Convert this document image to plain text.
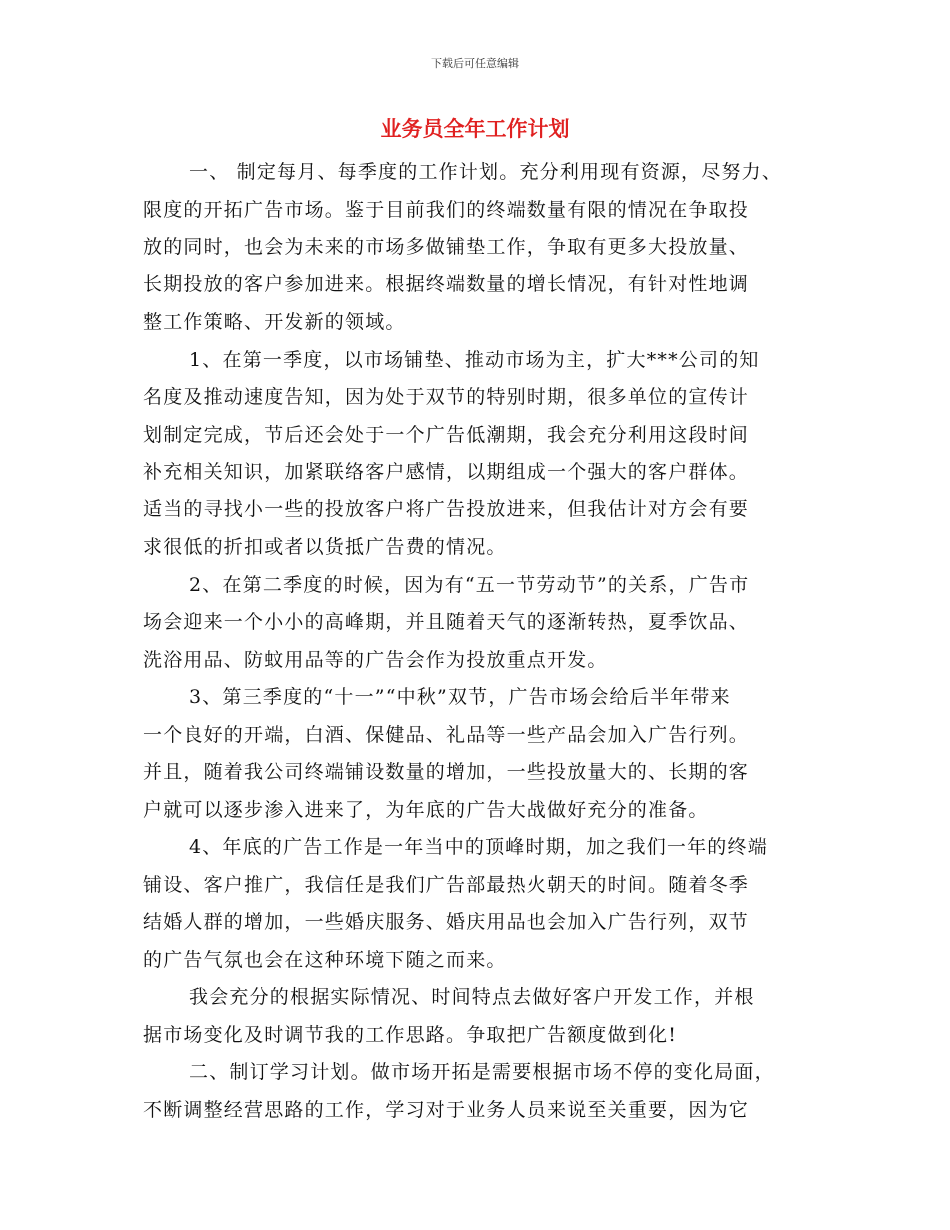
下载后可任意编辑
业务员全年工作计划
一、 制定每月、每季度的工作计划。充分利用现有资源，尽努力、
限度的开拓广告市场。鉴于目前我们的终端数量有限的情况在争取投
放的同时，也会为未来的市场多做铺垫工作，争取有更多大投放量、
长期投放的客户参加进来。根据终端数量的增长情况，有针对性地调
整工作策略、开发新的领域。
1、在第一季度，以市场铺垫、推动市场为主，扩大***公司的知
名度及推动速度告知，因为处于双节的特别时期，很多单位的宣传计
划制定完成，节后还会处于一个广告低潮期，我会充分利用这段时间
补充相关知识，加紧联络客户感情，以期组成一个强大的客户群体。
适当的寻找小一些的投放客户将广告投放进来，但我估计对方会有要
求很低的折扣或者以货抵广告费的情况。
2、在第二季度的时候，因为有“五一节劳动节”的关系，广告市
场会迎来一个小小的高峰期，并且随着天气的逐渐转热，夏季饮品、
洗浴用品、防蚊用品等的广告会作为投放重点开发。
3、第三季度的“十一”“中秋”双节，广告市场会给后半年带来
一个良好的开端，白酒、保健品、礼品等一些产品会加入广告行列。
并且，随着我公司终端铺设数量的增加，一些投放量大的、长期的客
户就可以逐步渗入进来了，为年底的广告大战做好充分的准备。
4、年底的广告工作是一年当中的顶峰时期，加之我们一年的终端
铺设、客户推广，我信任是我们广告部最热火朝天的时间。随着冬季
结婚人群的增加，一些婚庆服务、婚庆用品也会加入广告行列，双节
的广告气氛也会在这种环境下随之而来。
我会充分的根据实际情况、时间特点去做好客户开发工作，并根
据市场变化及时调节我的工作思路。争取把广告额度做到化!
二、制订学习计划。做市场开拓是需要根据市场不停的变化局面，
不断调整经营思路的工作，学习对于业务人员来说至关重要，因为它
